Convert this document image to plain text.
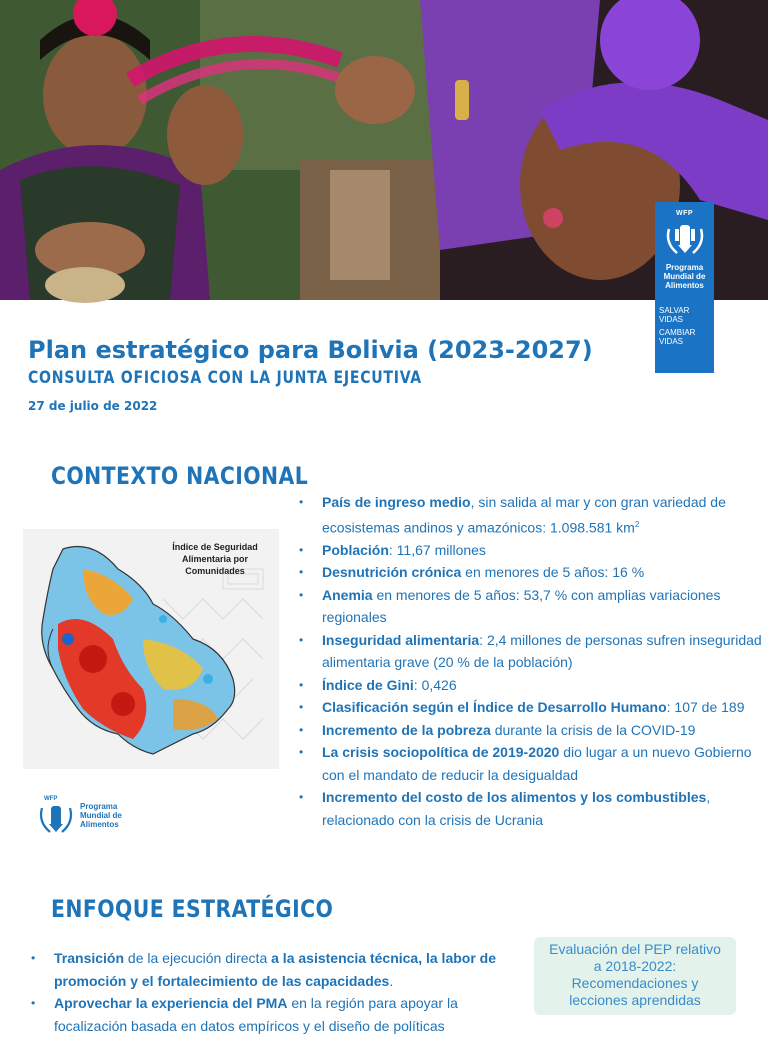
WFP
Programa
Mundial de
Alimentos
SALVAR
VIDAS
CAMBIAR
VIDAS
Plan estratégico para Bolivia (2023-2027)
CONSULTA OFICIOSA CON LA JUNTA EJECUTIVA
27 de julio de 2022
CONTEXTO NACIONAL
Índice de Seguridad Alimentaria por Comunidades
WFP
Programa
Mundial de
Alimentos
• País de ingreso medio, sin salida al mar y con gran variedad de ecosistemas andinos y amazónicos: 1.098.581 $km^2$
• Población: 11,67 millones
• Desnutrición crónica en menores de 5 años: 16 %
• Anemia en menores de 5 años: 53,7 % con amplias variaciones regionales
• Inseguridad alimentaria: 2,4 millones de personas sufren inseguridad alimentaria grave (20 % de la población)
• Índice de Gini: 0,426
• Clasificación según el Índice de Desarrollo Humano: 107 de 189
• Incremento de la pobreza durante la crisis de la COVID-19
• La crisis sociopolítica de 2019-2020 dio lugar a un nuevo Gobierno con el mandato de reducir la desigualdad
• Incremento del costo de los alimentos y los combustibles, relacionado con la crisis de Ucrania
ENFOQUE ESTRATÉGICO
• Transición de la ejecución directa a la asistencia técnica, la labor de promoción y el fortalecimiento de las capacidades.
• Aprovechar la experiencia del PMA en la región para apoyar la focalización basada en datos empíricos y el diseño de políticas
Evaluación del PEP relativo
a 2018-2022:
Recomendaciones y
lecciones aprendidas
